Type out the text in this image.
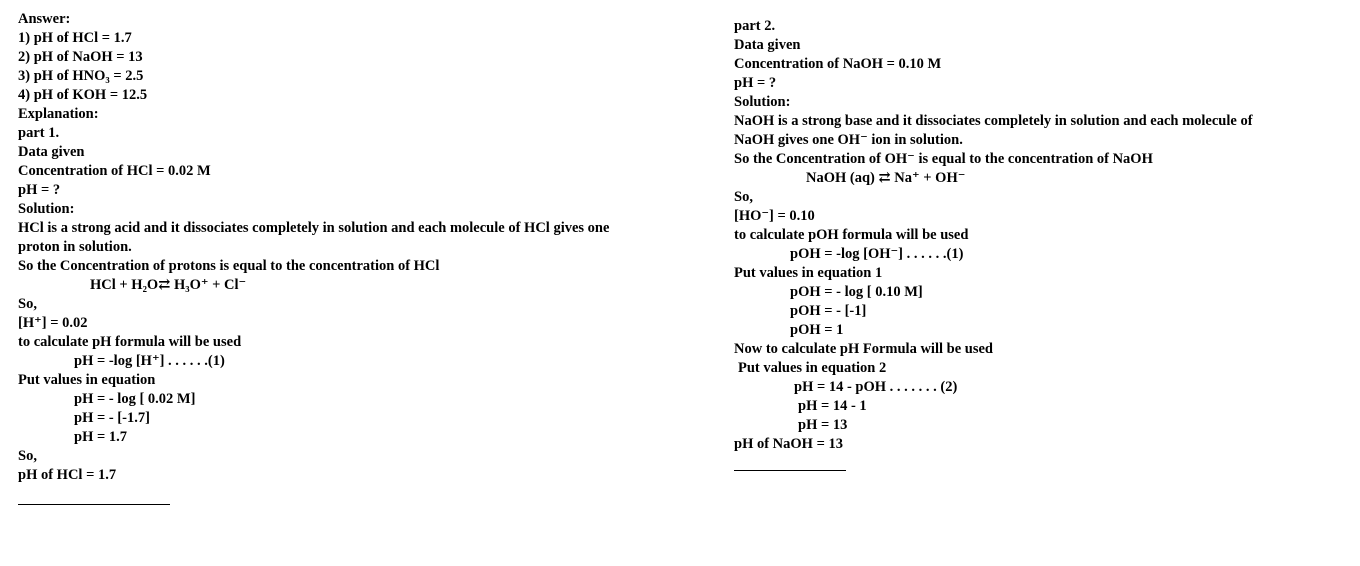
Answer:
1) pH of HCl = 1.7
2) pH of NaOH = 13
3) pH of HNO₃ = 2.5
4) pH of KOH = 12.5
Explanation:
part 1.
Data given
Concentration of HCl = 0.02 M
pH = ?
Solution:
HCl is a strong acid and it dissociates completely in solution and each molecule of HCl gives one
proton in solution.
So the Concentration of protons is equal to the concentration of HCl
HCl + H₂O⇄ H₃O⁺ + Cl⁻
So,
[H⁺] = 0.02
to calculate pH formula will be used
pH = -log [H⁺] . . . . . .(1)
Put values in equation
pH = - log [ 0.02 M]
pH = - [-1.7]
pH = 1.7
So,
pH of HCl = 1.7
part 2.
Data given
Concentration of NaOH = 0.10 M
pH = ?
Solution:
NaOH is a strong base and it dissociates completely in solution and each molecule of
NaOH gives one OH⁻ ion in solution.
So the Concentration of OH⁻ is equal to the concentration of NaOH
NaOH (aq) ⇄ Na⁺ + OH⁻
So,
[HO⁻] = 0.10
to calculate pOH formula will be used
pOH = -log [OH⁻] . . . . . .(1)
Put values in equation 1
pOH = - log [ 0.10 M]
pOH = - [-1]
pOH = 1
Now to calculate pH Formula will be used
Put values in equation 2
pH = 14 - pOH . . . . . . . (2)
pH = 14 - 1
pH = 13
pH of NaOH = 13
